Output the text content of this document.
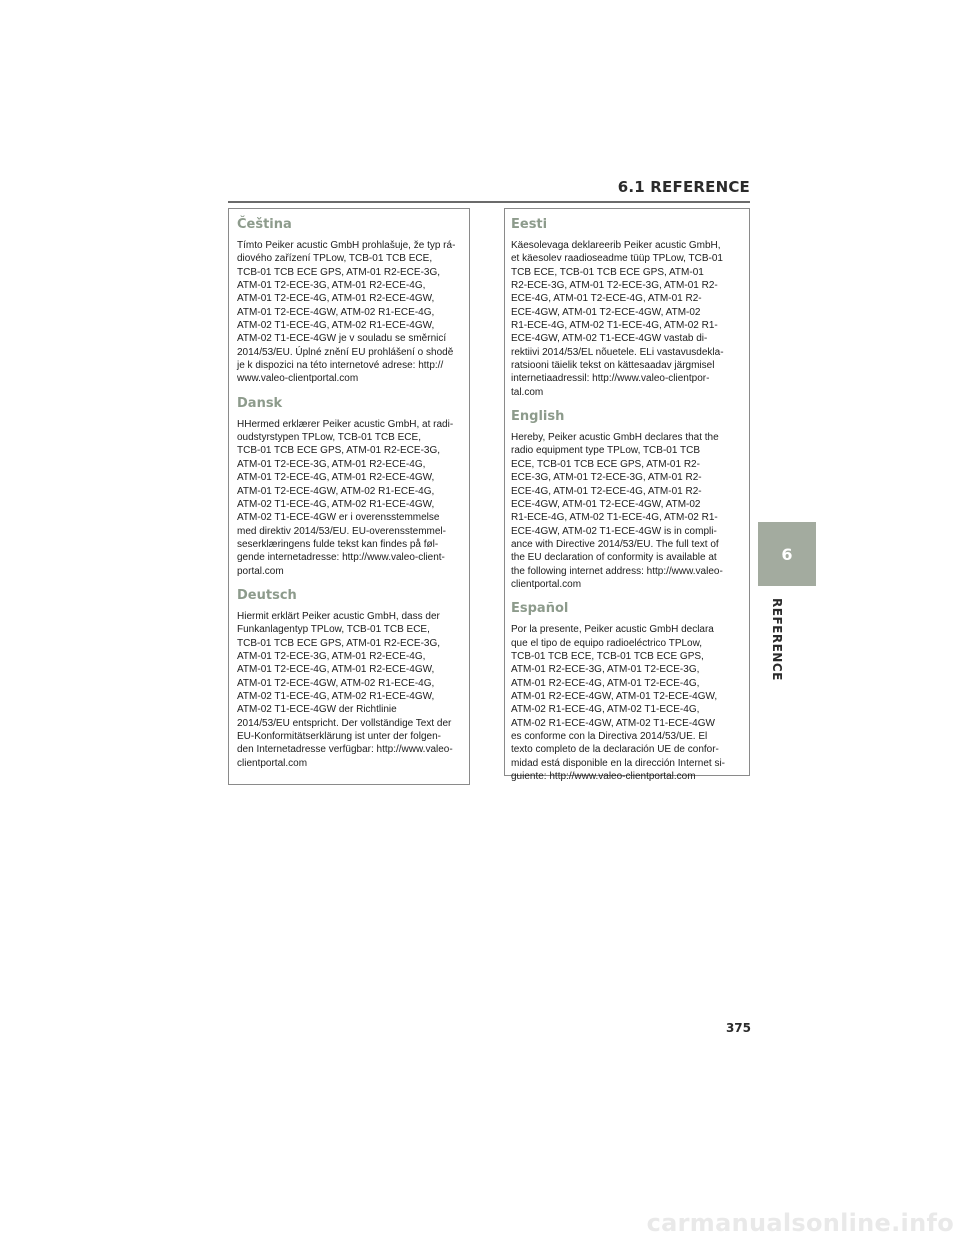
6.1 REFERENCE
Čeština

Tímto Peiker acustic GmbH prohlašuje, že typ rá-
diového zařízení TPLow, TCB-01 TCB ECE,
TCB-01 TCB ECE GPS, ATM-01 R2-ECE-3G,
ATM-01 T2-ECE-3G, ATM-01 R2-ECE-4G,
ATM-01 T2-ECE-4G, ATM-01 R2-ECE-4GW,
ATM-01 T2-ECE-4GW, ATM-02 R1-ECE-4G,
ATM-02 T1-ECE-4G, ATM-02 R1-ECE-4GW,
ATM-02 T1-ECE-4GW je v souladu se směrnicí
2014/53/EU. Úplné znění EU prohlášení o shodě
je k dispozici na této internetové adrese: http://
www.valeo-clientportal.com

Dansk

HHermed erklærer Peiker acustic GmbH, at radi-
oudstyrstypen TPLow, TCB-01 TCB ECE,
TCB-01 TCB ECE GPS, ATM-01 R2-ECE-3G,
ATM-01 T2-ECE-3G, ATM-01 R2-ECE-4G,
ATM-01 T2-ECE-4G, ATM-01 R2-ECE-4GW,
ATM-01 T2-ECE-4GW, ATM-02 R1-ECE-4G,
ATM-02 T1-ECE-4G, ATM-02 R1-ECE-4GW,
ATM-02 T1-ECE-4GW er i overensstemmelse
med direktiv 2014/53/EU. EU-overensstemmel-
seserklæringens fulde tekst kan findes på føl-
gende internetadresse: http://www.valeo-client-
portal.com

Deutsch

Hiermit erklärt Peiker acustic GmbH, dass der
Funkanlagentyp TPLow, TCB-01 TCB ECE,
TCB-01 TCB ECE GPS, ATM-01 R2-ECE-3G,
ATM-01 T2-ECE-3G, ATM-01 R2-ECE-4G,
ATM-01 T2-ECE-4G, ATM-01 R2-ECE-4GW,
ATM-01 T2-ECE-4GW, ATM-02 R1-ECE-4G,
ATM-02 T1-ECE-4G, ATM-02 R1-ECE-4GW,
ATM-02 T1-ECE-4GW der Richtlinie
2014/53/EU entspricht. Der vollständige Text der
EU-Konformitätserklärung ist unter der folgen-
den Internetadresse verfügbar: http://www.valeo-
clientportal.com

Eesti

Käesolevaga deklareerib Peiker acustic GmbH,
et käesolev raadioseadme tüüp TPLow, TCB-01
TCB ECE, TCB-01 TCB ECE GPS, ATM-01
R2-ECE-3G, ATM-01 T2-ECE-3G, ATM-01 R2-
ECE-4G, ATM-01 T2-ECE-4G, ATM-01 R2-
ECE-4GW, ATM-01 T2-ECE-4GW, ATM-02
R1-ECE-4G, ATM-02 T1-ECE-4G, ATM-02 R1-
ECE-4GW, ATM-02 T1-ECE-4GW vastab di-
rektiivi 2014/53/EL nõuetele. ELi vastavusdekla-
ratsiooni täielik tekst on kättesaadav järgmisel
internetiaadressil: http://www.valeo-clientpor-
tal.com

English

Hereby, Peiker acustic GmbH declares that the
radio equipment type TPLow, TCB-01 TCB
ECE, TCB-01 TCB ECE GPS, ATM-01 R2-
ECE-3G, ATM-01 T2-ECE-3G, ATM-01 R2-
ECE-4G, ATM-01 T2-ECE-4G, ATM-01 R2-
ECE-4GW, ATM-01 T2-ECE-4GW, ATM-02
R1-ECE-4G, ATM-02 T1-ECE-4G, ATM-02 R1-
ECE-4GW, ATM-02 T1-ECE-4GW is in compli-
ance with Directive 2014/53/EU. The full text of
the EU declaration of conformity is available at
the following internet address: http://www.valeo-
clientportal.com

Español

Por la presente, Peiker acustic GmbH declara
que el tipo de equipo radioeléctrico TPLow,
TCB-01 TCB ECE, TCB-01 TCB ECE GPS,
ATM-01 R2-ECE-3G, ATM-01 T2-ECE-3G,
ATM-01 R2-ECE-4G, ATM-01 T2-ECE-4G,
ATM-01 R2-ECE-4GW, ATM-01 T2-ECE-4GW,
ATM-02 R1-ECE-4G, ATM-02 T1-ECE-4G,
ATM-02 R1-ECE-4GW, ATM-02 T1-ECE-4GW
es conforme con la Directiva 2014/53/UE. El
texto completo de la declaración UE de confor-
midad está disponible en la dirección Internet si-
guiente: http://www.valeo-clientportal.com

6
REFERENCE
375
carmanualsonline.info
